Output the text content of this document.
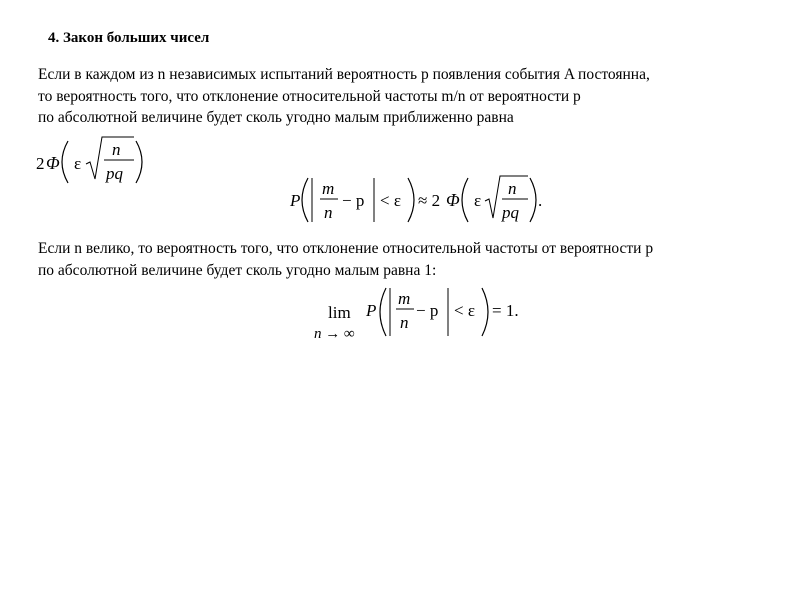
4. Закон больших чисел
Если в каждом из n независимых испытаний вероятность p появления события A постоянна,
то вероятность того, что отклонение относительной частоты m/n от вероятности p
по абсолютной величине будет сколь угодно малым приближенно равна
2 Φ ε
n
pq
P
m
n
− p < ε ≈ 2 Φ ε
n
pq
.
Если n велико, то вероятность того, что отклонение относительной частоты от вероятности p
по абсолютной величине будет сколь угодно малым равна 1:
lim
n → ∞
P
m
n
− p < ε = 1.
